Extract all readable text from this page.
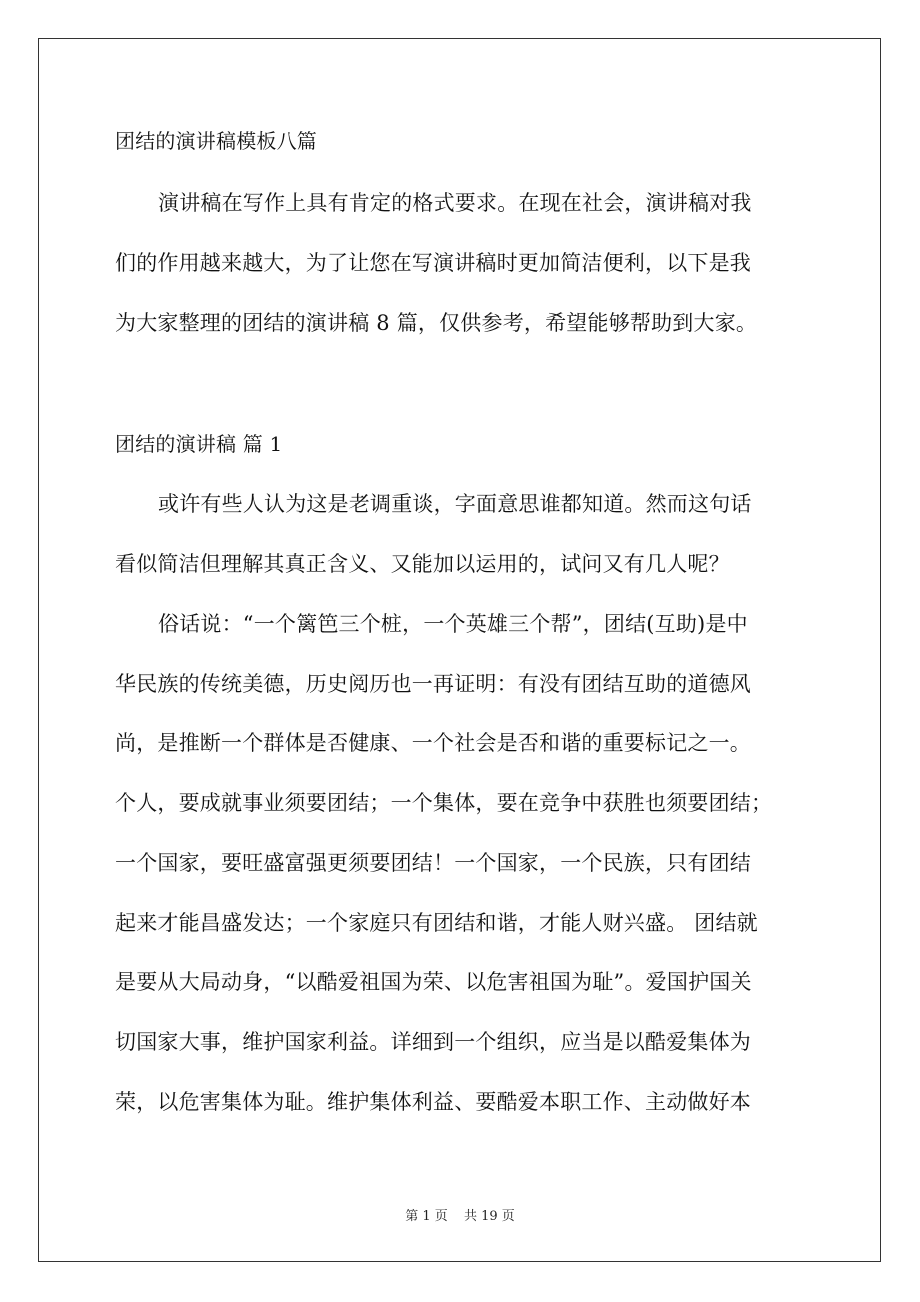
团结的演讲稿模板八篇
演讲稿在写作上具有肯定的格式要求。在现在社会，演讲稿对我
们的作用越来越大，为了让您在写演讲稿时更加简洁便利，以下是我
为大家整理的团结的演讲稿 8 篇，仅供参考，希望能够帮助到大家。
团结的演讲稿 篇 1
或许有些人认为这是老调重谈，字面意思谁都知道。然而这句话
看似简洁但理解其真正含义、又能加以运用的，试问又有几人呢？
俗话说：“一个篱笆三个桩，一个英雄三个帮”，团结(互助)是中
华民族的传统美德，历史阅历也一再证明：有没有团结互助的道德风
尚，是推断一个群体是否健康、一个社会是否和谐的重要标记之一。
个人，要成就事业须要团结；一个集体，要在竞争中获胜也须要团结；
一个国家，要旺盛富强更须要团结！一个国家，一个民族，只有团结
起来才能昌盛发达；一个家庭只有团结和谐，才能人财兴盛。 团结就
是要从大局动身，“以酷爱祖国为荣、以危害祖国为耻”。爱国护国关
切国家大事，维护国家利益。详细到一个组织，应当是以酷爱集体为
荣，以危害集体为耻。维护集体利益、要酷爱本职工作、主动做好本
第 1 页 共 19 页
